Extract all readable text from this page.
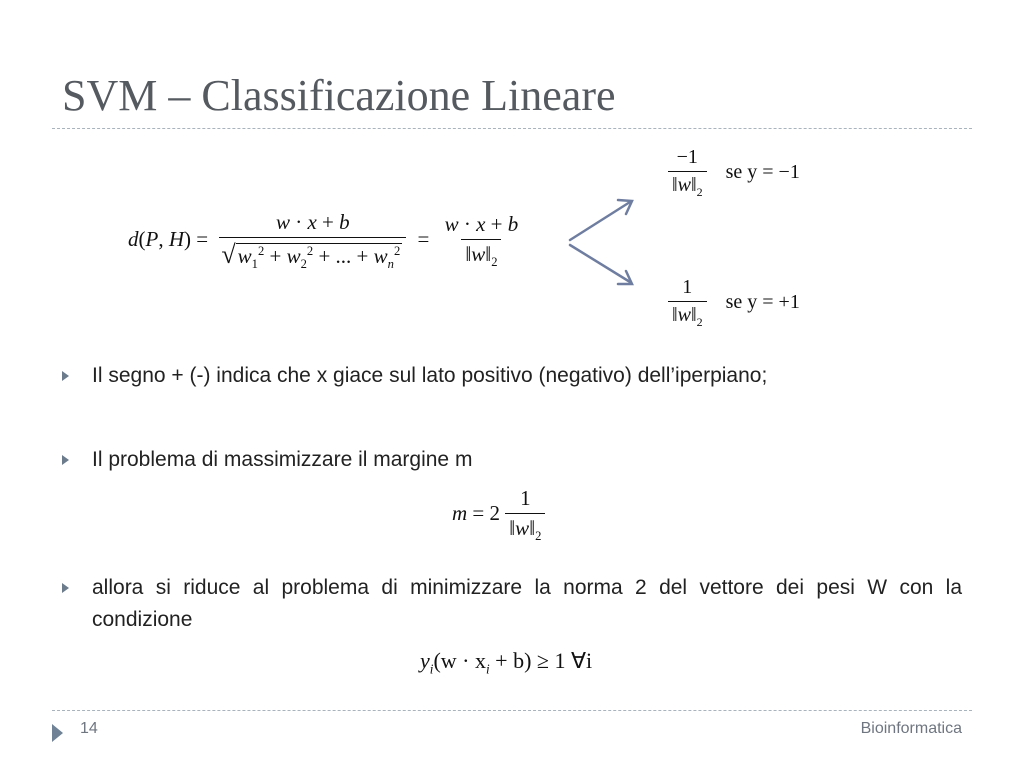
SVM – Classificazione Lineare
d(P, $H) = \frac{w \cdot x + b}{√w_1^2 + w_2^2 + ... + w_n^2} = \frac{w \cdot x + b}{‖w‖_2}$
$\frac{-1}{‖w‖_2}$ se y = −1
$\frac{1}{‖w‖_2}$ se y = +1
Il segno + (-) indica che x giace sul lato positivo (negativo) dell’iperpiano;
Il problema di massimizzare il margine m
$m = 2 \frac{1}{‖w‖_2}$
allora si riduce al problema di minimizzare la norma 2 del vettore dei pesi W con la condizione
$y_i(w \cdot x_i + b) \ge 1$ ∀i
14	Bioinformatica
